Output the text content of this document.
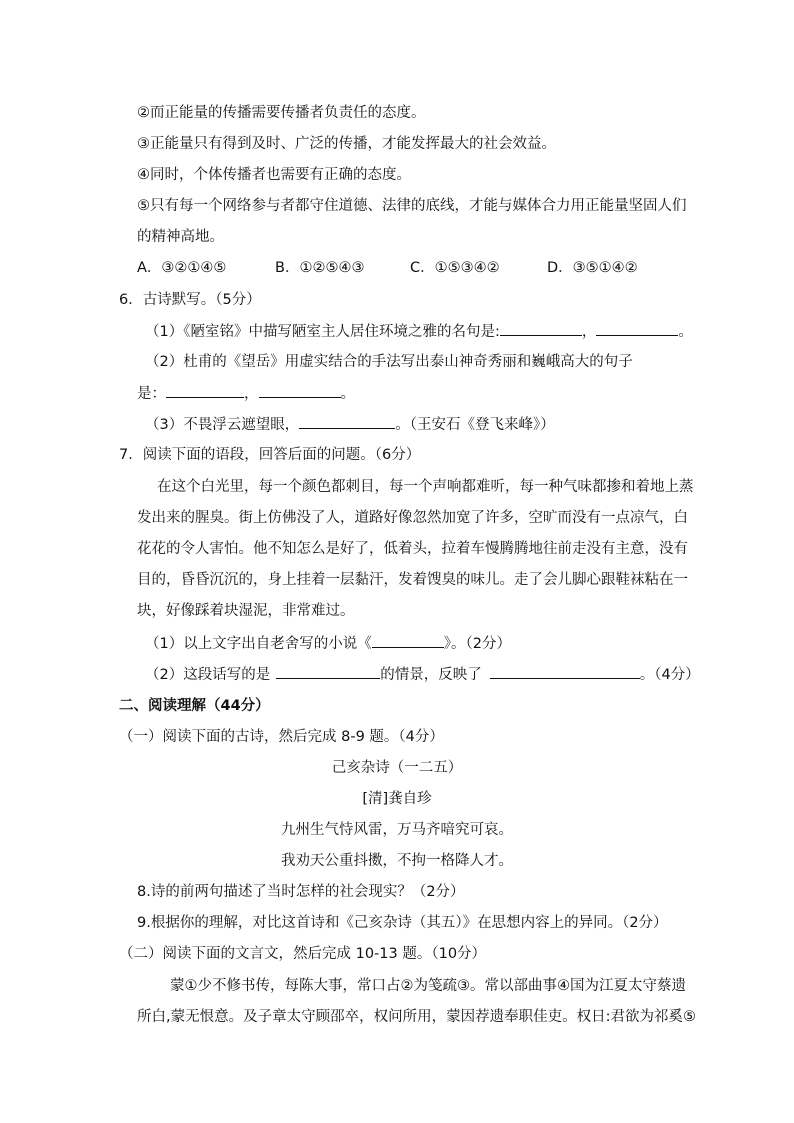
②而正能量的传播需要传播者负责任的态度。
③正能量只有得到及时、广泛的传播，才能发挥最大的社会效益。
④同时，个体传播者也需要有正确的态度。
⑤只有每一个网络参与者都守住道德、法律的底线，才能与媒体合力用正能量坚固人们
的精神高地。
A．③②①④⑤	B．①②⑤④③	C．①⑤③④②	D．③⑤①④②
6．古诗默写。（5分）
（1）《陋室铭》中描写陋室主人居住环境之雅的名句是:	，	。
（2）杜甫的《望岳》用虚实结合的手法写出泰山神奇秀丽和巍峨高大的句子
是：	，	。
（3）不畏浮云遮望眼，	。（王安石《登飞来峰》）
7．阅读下面的语段，回答后面的问题。（6分）
在这个白光里，每一个颜色都刺目，每一个声响都难听，每一种气味都掺和着地上蒸
发出来的腥臭。街上仿佛没了人，道路好像忽然加宽了许多，空旷而没有一点凉气，白
花花的令人害怕。他不知怎么是好了，低着头，拉着车慢腾腾地往前走没有主意，没有
目的，昏昏沉沉的，身上挂着一层黏汗，发着馊臭的味儿。走了会儿脚心跟鞋袜粘在一
块，好像踩着块湿泥，非常难过。
（1）以上文字出自老舍写的小说《	》。（2分）
（2）这段话写的是	的情景，反映了	。（4分）
二、阅读理解（44分）
（一）阅读下面的古诗，然后完成 8-9 题。（4分）
己亥杂诗（一二五）
[清]龚自珍
九州生气恃风雷，万马齐喑究可哀。
我劝天公重抖擞，不拘一格降人才。
8.诗的前两句描述了当时怎样的社会现实？（2分）
9.根据你的理解，对比这首诗和《己亥杂诗（其五）》在思想内容上的异同。（2分）
（二）阅读下面的文言文，然后完成 10-13 题。（10分）
蒙①少不修书传，每陈大事，常口占②为笺疏③。常以部曲事④国为江夏太守蔡遗
所白,蒙无恨意。及子章太守顾邵卒，权问所用，蒙因荐遗奉职佳吏。权日:君欲为祁奚⑤
